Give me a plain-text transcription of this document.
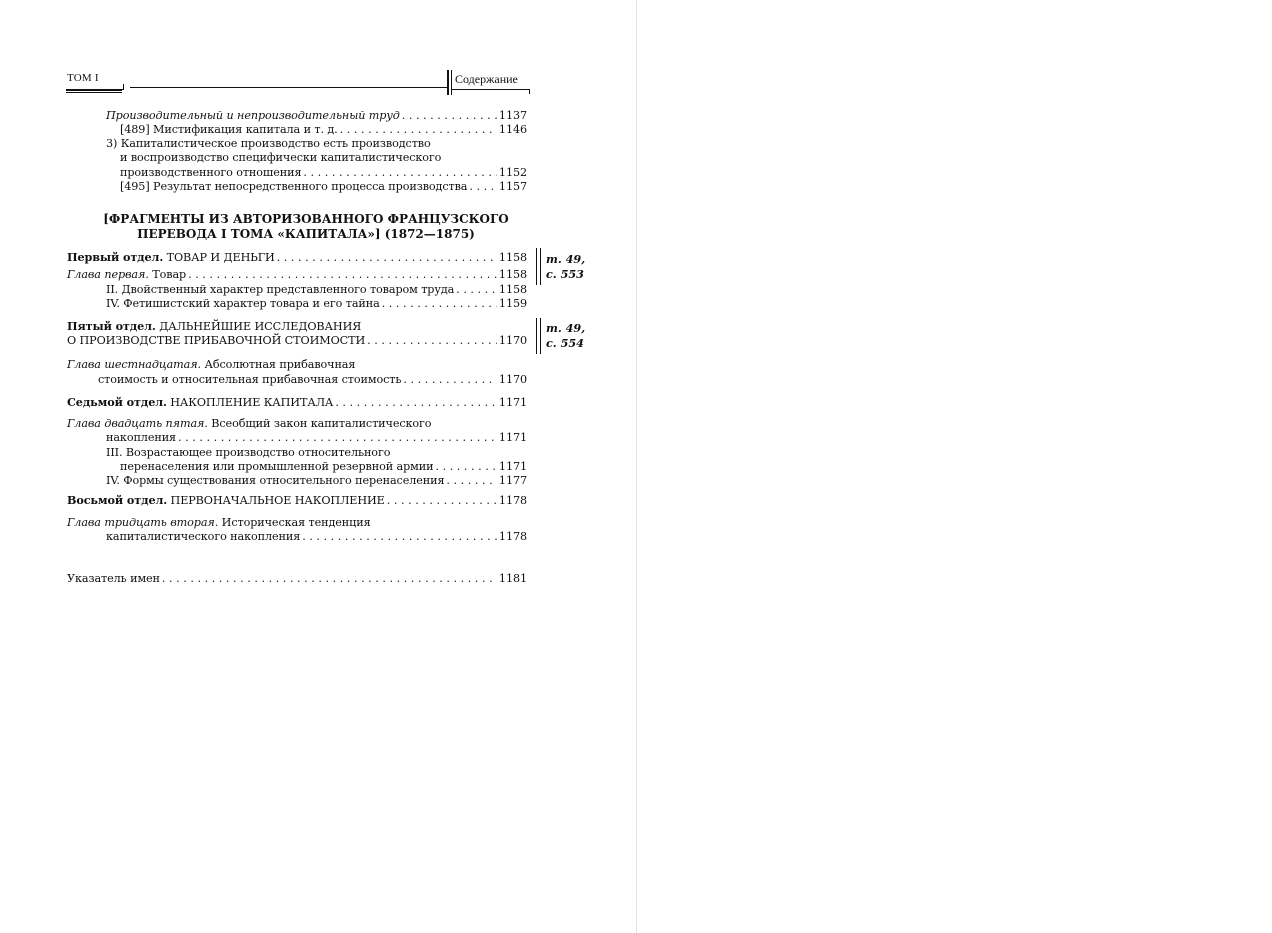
ТОМ I	Содержание
Производительный и непроизводительный труд . . .	1137
[489] Мистификация капитала и т. д. . . .	1146
3) Капиталистическое производство есть производство
и воспроизводство специфически капиталистического
производственного отношения . . .	1152
[495] Результат непосредственного процесса производства . . .	1157
[ФРАГМЕНТЫ ИЗ АВТОРИЗОВАННОГО ФРАНЦУЗСКОГО
ПЕРЕВОДА I ТОМА «КАПИТАЛА»] (1872—1875)
Первый отдел. ТОВАР И ДЕНЬГИ . . .	1158
Глава первая. Товар . . .	1158
II. Двойственный характер представленного товаром труда . . .	1158
IV. Фетишистский характер товара и его тайна . . .	1159
т. 49,
с. 553
Пятый отдел. ДАЛЬНЕЙШИЕ ИССЛЕДОВАНИЯ
О ПРОИЗВОДСТВЕ ПРИБАВОЧНОЙ СТОИМОСТИ . . .	1170
т. 49,
с. 554
Глава шестнадцатая. Абсолютная прибавочная
стоимость и относительная прибавочная стоимость . . .	1170
Седьмой отдел. НАКОПЛЕНИЕ КАПИТАЛА . . .	1171
Глава двадцать пятая. Всеобщий закон капиталистического
накопления . . .	1171
III. Возрастающее производство относительного
перенаселения или промышленной резервной армии . . .	1171
IV. Формы существования относительного перенаселения . . .	1177
Восьмой отдел. ПЕРВОНАЧАЛЬНОЕ НАКОПЛЕНИЕ . . .	1178
Глава тридцать вторая. Историческая тенденция
капиталистического накопления . . .	1178
Указатель имен . . .	1181
